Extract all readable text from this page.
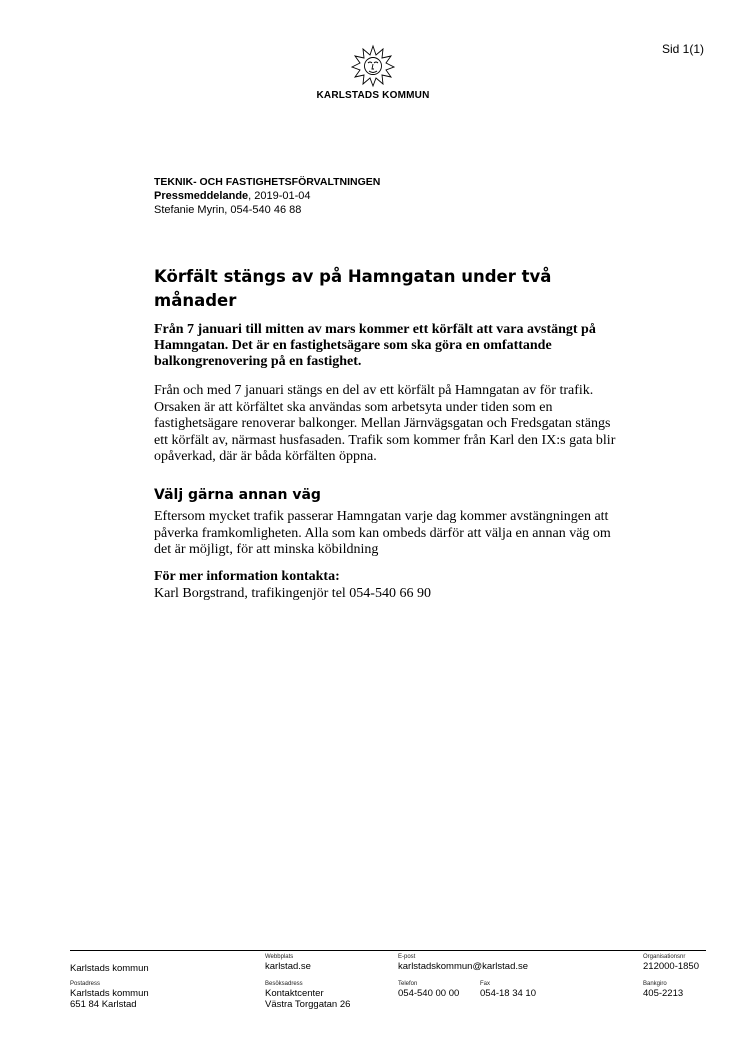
Sid 1(1)
KARLSTADS KOMMUN
TEKNIK- OCH FASTIGHETSFÖRVALTNINGEN
Pressmeddelande, 2019-01-04
Stefanie Myrin, 054-540 46 88
Körfält stängs av på Hamngatan under två månader

Från 7 januari till mitten av mars kommer ett körfält att vara avstängt på Hamngatan. Det är en fastighetsägare som ska göra en omfattande balkongrenovering på en fastighet.

Från och med 7 januari stängs en del av ett körfält på Hamngatan av för trafik. Orsaken är att körfältet ska användas som arbetsyta under tiden som en fastighetsägare renoverar balkonger. Mellan Järnvägsgatan och Fredsgatan stängs ett körfält av, närmast husfasaden. Trafik som kommer från Karl den IX:s gata blir opåverkad, där är båda körfälten öppna.

Välj gärna annan väg

Eftersom mycket trafik passerar Hamngatan varje dag kommer avstängningen att påverka framkomligheten. Alla som kan ombeds därför att välja en annan väg om det är möjligt, för att minska köbildning

För mer information kontakta:
Karl Borgstrand, trafikingenjör tel 054-540 66 90
Karlstads kommun
Webbplats
karlstad.se
E-post
karlstadskommun@karlstad.se
Organisationsnr
212000-1850
Postadress
Karlstads kommun
651 84 Karlstad
Besöksadress
Kontaktcenter
Västra Torggatan 26
Telefon
054-540 00 00
Fax
054-18 34 10
Bankgiro
405-2213
